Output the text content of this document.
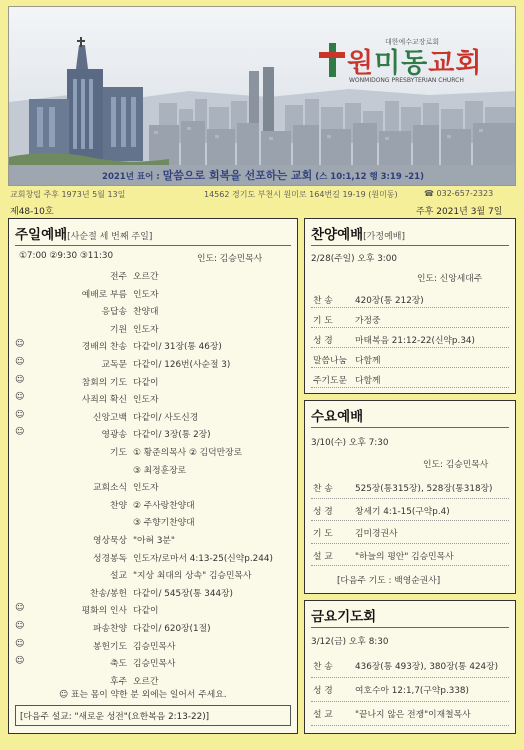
대한예수교장로회
원미동교회
WONMIDONG PRESBYTERIAN CHURCH
2021년 표어 : 말씀으로 회복을 선포하는 교회 (스 10:1,12 행 3:19 -21)
교회창립 주후 1973년 5월 13일	14562 경기도 부천시 원미로 164번길 19-19 (원미동)	☎ 032-657-2323
제48-10호	주후 2021년 3월 7일
주일예배[사순절 세 번째 주일]
①7:00 ②9:30 ③11:30	인도: 김승민목사
전주 오르간
예배로 부름 인도자
응답송 찬양대
기원 인도자
☺	경배의 찬송 다같이/ 31장(통 46장)
☺	교독문 다같이/ 126번(사순절 3)
☺	참회의 기도 다같이
☺	사죄의 확신 인도자
☺	신앙고백 다같이/ 사도신경
☺	영광송 다같이/ 3장(통 2장)
기도 ① 황준의목사 ② 김덕만장로
③ 최정훈장로
교회소식 인도자
찬양 ② 주사랑찬양대
③ 주향기찬양대
영상묵상 "아혀 3분"
성경봉독 인도자/로마서 4:13-25(신약p.244)
설교 "지상 최대의 상속" 김승민목사
찬송/봉헌 다같이/ 545장(통 344장)
☺	평화의 인사 다같이
☺	파송찬양 다같이/ 620장(1절)
☺	봉헌기도 김승민목사
☺	축도 김승민목사
후주 오르간
☺ 표는 몸이 약한 분 외에는 일어서 주세요.
[다음주 설교: "새로운 성전"(요한복음 2:13-22)]
찬양예배[가정예배]
2/28(주일) 오후 3:00
인도: 신앙세대주
찬 송	420장(통 212장)
기 도	가정중
성 경	마태복음 21:12-22(신약p.34)
말씀나눔 다함께
주기도문 다함께
수요예배
3/10(수) 오후 7:30
인도: 김승민목사
찬 송	525장(통315장), 528장(통318장)
성 경	창세기 4:1-15(구약p.4)
기 도	김미경권사
설 교	"하늘의 평안" 김승민목사
[다음주 기도 : 백영순권사]
금요기도회
3/12(금) 오후 8:30
찬 송	436장(통 493장), 380장(통 424장)
성 경	여호수아 12:1,7(구약p.338)
설 교	"끝나지 않은 전쟁"이재철목사
